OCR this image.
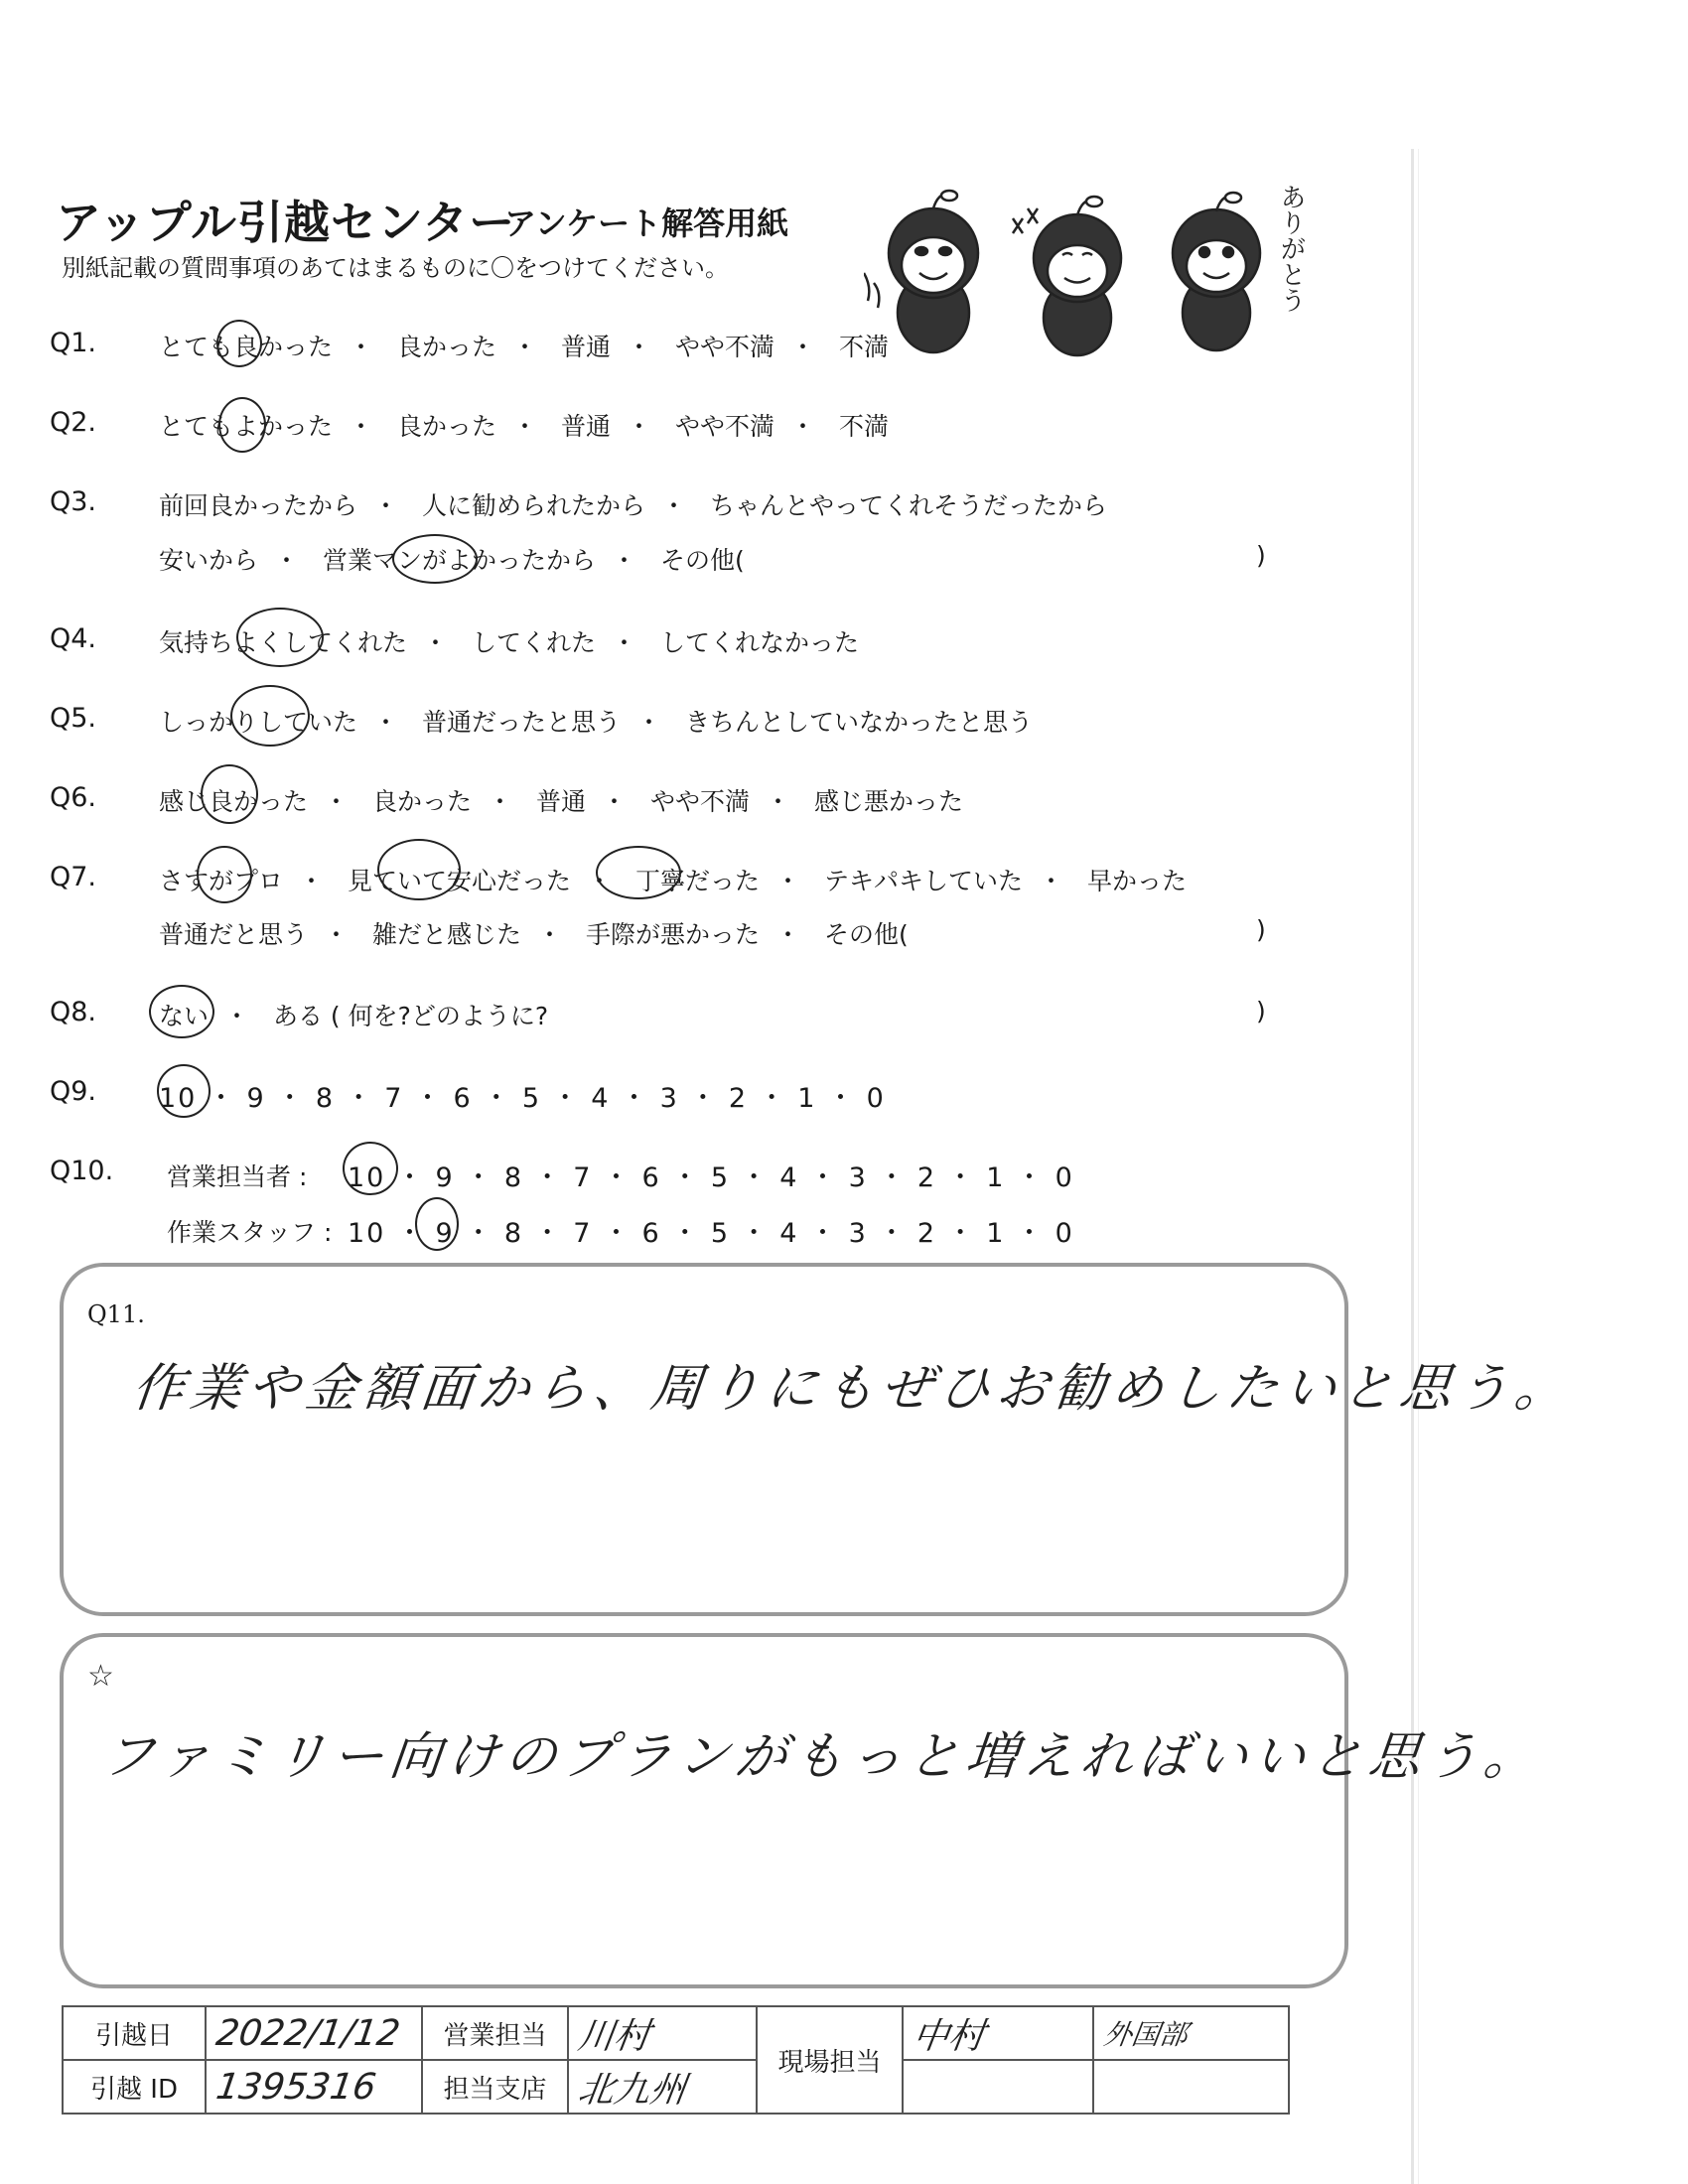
アップル引越センター
アンケート解答用紙
別紙記載の質問事項のあてはまるものに〇をつけてください。	ありがとう
Q1.	とても良かった ・ 良かった ・ 普通 ・ やや不満 ・ 不満
Q2.	とてもよかった ・ 良かった ・ 普通 ・ やや不満 ・ 不満
Q3.	前回良かったから ・ 人に勧められたから ・ ちゃんとやってくれそうだったから
安いから ・ 営業マンがよかったから ・ その他(	)
Q4.	気持ちよくしてくれた ・ してくれた ・ してくれなかった
Q5.	しっかりしていた ・ 普通だったと思う ・ きちんとしていなかったと思う
Q6.	感じ良かった ・ 良かった ・ 普通 ・ やや不満 ・ 感じ悪かった
Q7.	さすがプロ ・ 見ていて安心だった ・ 丁寧だった ・ テキパキしていた ・ 早かった
普通だと思う ・ 雑だと感じた ・ 手際が悪かった ・ その他(	)
Q8.	ない ・ ある ( 何を?どのように?	)
Q9. 10 ・ 9 ・ 8 ・ 7 ・ 6 ・ 5 ・ 4 ・ 3 ・ 2 ・ 1 ・ 0
Q10. 営業担当者 : 10 ・ 9 ・ 8 ・ 7 ・ 6 ・ 5 ・ 4 ・ 3 ・ 2 ・ 1 ・ 0
作業スタッフ : 10 ・ 9 ・ 8 ・ 7 ・ 6 ・ 5 ・ 4 ・ 3 ・ 2 ・ 1 ・ 0
Q11.
作業や金額面から、周りにもぜひお勧めしたいと思う。
☆
ファミリー向けのプランがもっと増えればいいと思う。
引越日	2022/1/12	営業担当	川村	現場担当	中村	外国部
引越 ID	1395316	担当支店	北九州			
